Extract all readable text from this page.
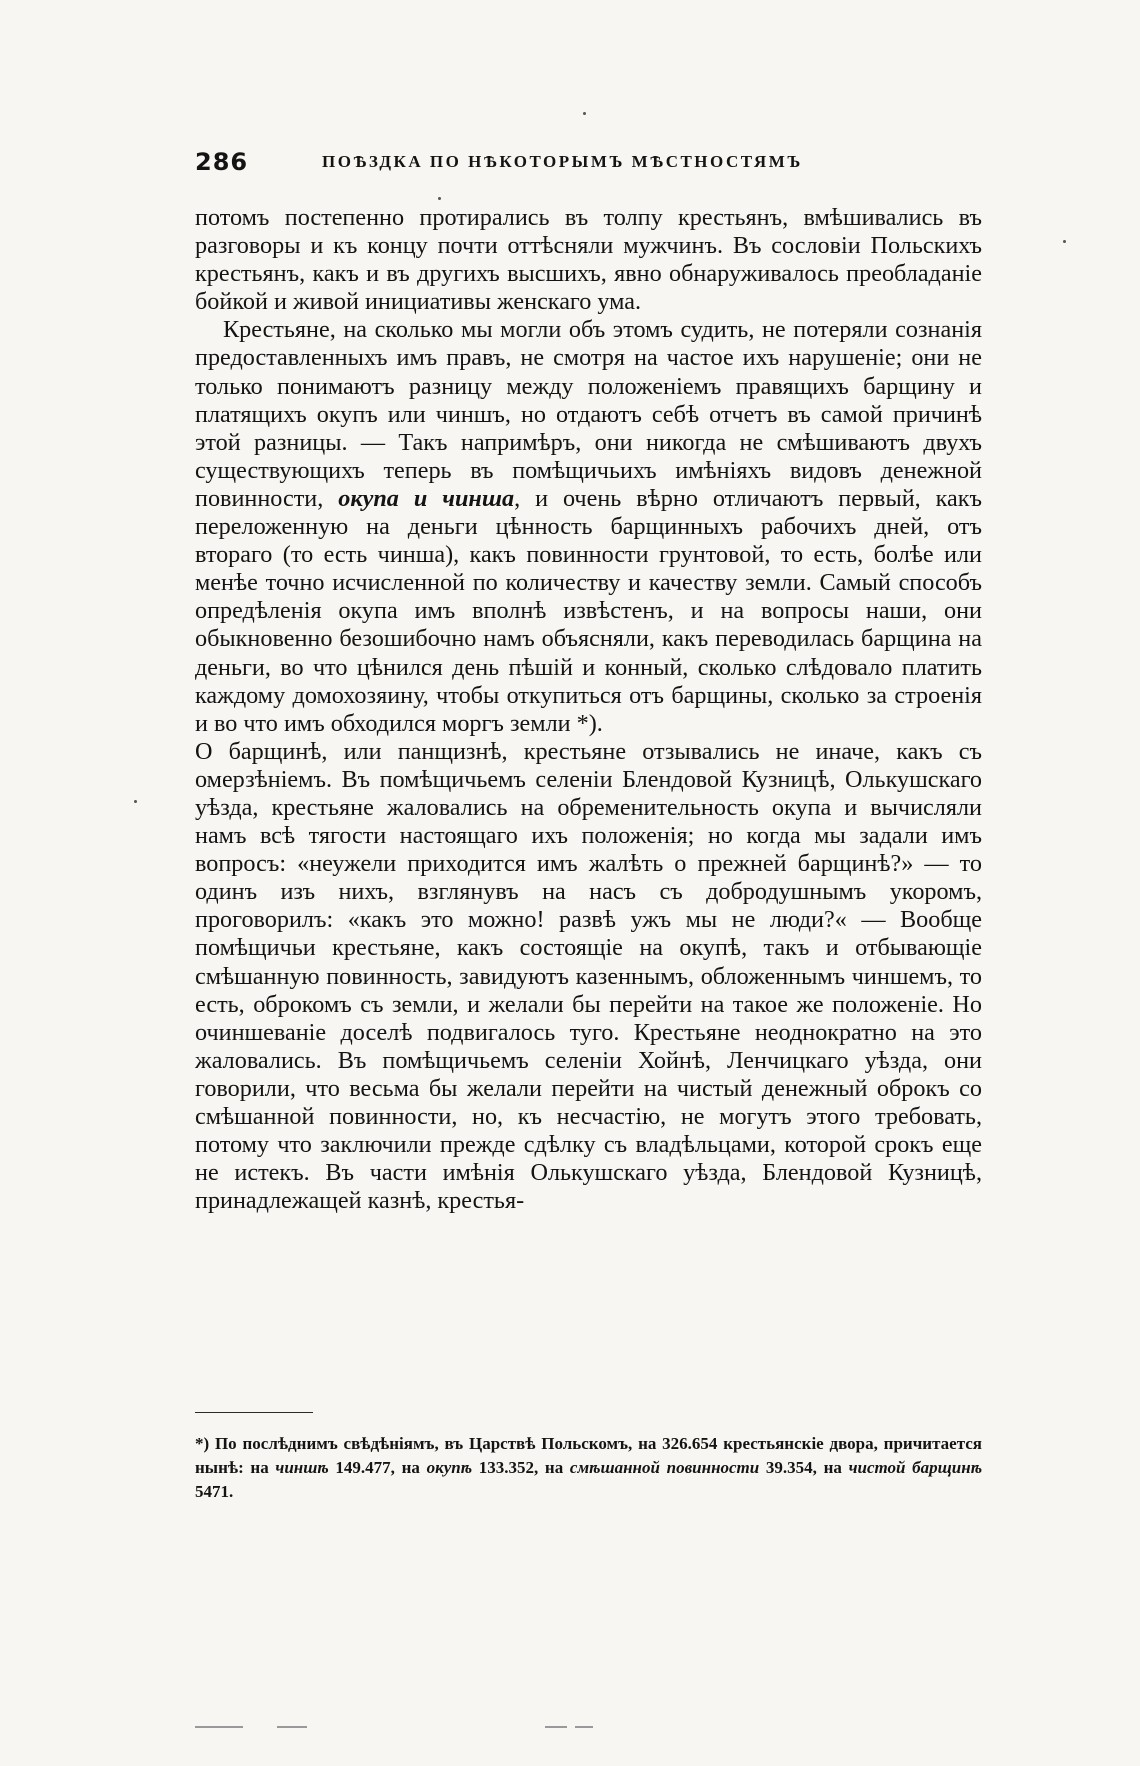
286	ПОѢЗДКА ПО НѢКОТОРЫМЪ МѢСТНОСТЯМЪ

потомъ постепенно протирались въ толпу крестьянъ, вмѣшивались въ разговоры и къ концу почти оттѣсняли мужчинъ. Въ сословіи Польскихъ крестьянъ, какъ и въ другихъ высшихъ, явно обнаруживалось преобладаніе бойкой и живой инициативы женскаго ума.

Крестьяне, на сколько мы могли объ этомъ судить, не потеряли сознанія предоставленныхъ имъ правъ, не смотря на частое ихъ нарушеніе; они не только понимаютъ разницу между положеніемъ правящихъ барщину и платящихъ окупъ или чиншъ, но отдаютъ себѣ отчетъ въ самой причинѣ этой разницы. — Такъ напримѣръ, они никогда не смѣшиваютъ двухъ существующихъ теперь въ помѣщичьихъ имѣніяхъ видовъ денежной повинности, окупа и чинша, и очень вѣрно отличаютъ первый, какъ переложенную на деньги цѣнность барщинныхъ рабочихъ дней, отъ втораго (то есть чинша), какъ повинности грунтовой, то есть, болѣе или менѣе точно исчисленной по количеству и качеству земли. Самый способъ опредѣленія окупа имъ вполнѣ извѣстенъ, и на вопросы наши, они обыкновенно безошибочно намъ объясняли, какъ переводилась барщина на деньги, во что цѣнился день пѣшій и конный, сколько слѣдовало платить каждому домохозяину, чтобы откупиться отъ барщины, сколько за строенія и во что имъ обходился моргъ земли *).

О барщинѣ, или панщизнѣ, крестьяне отзывались не иначе, какъ съ омерзѣніемъ. Въ помѣщичьемъ селеніи Блендовой Кузницѣ, Олькушскаго уѣзда, крестьяне жаловались на обременительность окупа и вычисляли намъ всѣ тягости настоящаго ихъ положенія; но когда мы задали имъ вопросъ: «неужели приходится имъ жалѣть о прежней барщинѣ?» — то одинъ изъ нихъ, взглянувъ на насъ съ добродушнымъ укоромъ, проговорилъ: «какъ это можно! развѣ ужъ мы не люди?« — Вообще помѣщичьи крестьяне, какъ состоящіе на окупѣ, такъ и отбывающіе смѣшанную повинность, завидуютъ казеннымъ, обложеннымъ чиншемъ, то есть, оброкомъ съ земли, и желали бы перейти на такое же положеніе. Но очиншеваніе доселѣ подвигалось туго. Крестьяне неоднократно на это жаловались. Въ помѣщичьемъ селеніи Хойнѣ, Ленчицкаго уѣзда, они говорили, что весьма бы желали перейти на чистый денежный оброкъ со смѣшанной повинности, но, къ несчастію, не могутъ этого требовать, потому что заключили прежде сдѣлку съ владѣльцами, которой срокъ еще не истекъ. Въ части имѣнія Олькушскаго уѣзда, Блендовой Кузницѣ, принадлежащей казнѣ, крестья-

*) По послѣднимъ свѣдѣніямъ, въ Царствѣ Польскомъ, на 326.654 крестьянскіе двора, причитается нынѣ: на чиншѣ 149.477, на окупѣ 133.352, на смѣшанной повинности 39.354, на чистой барщинѣ 5471.
